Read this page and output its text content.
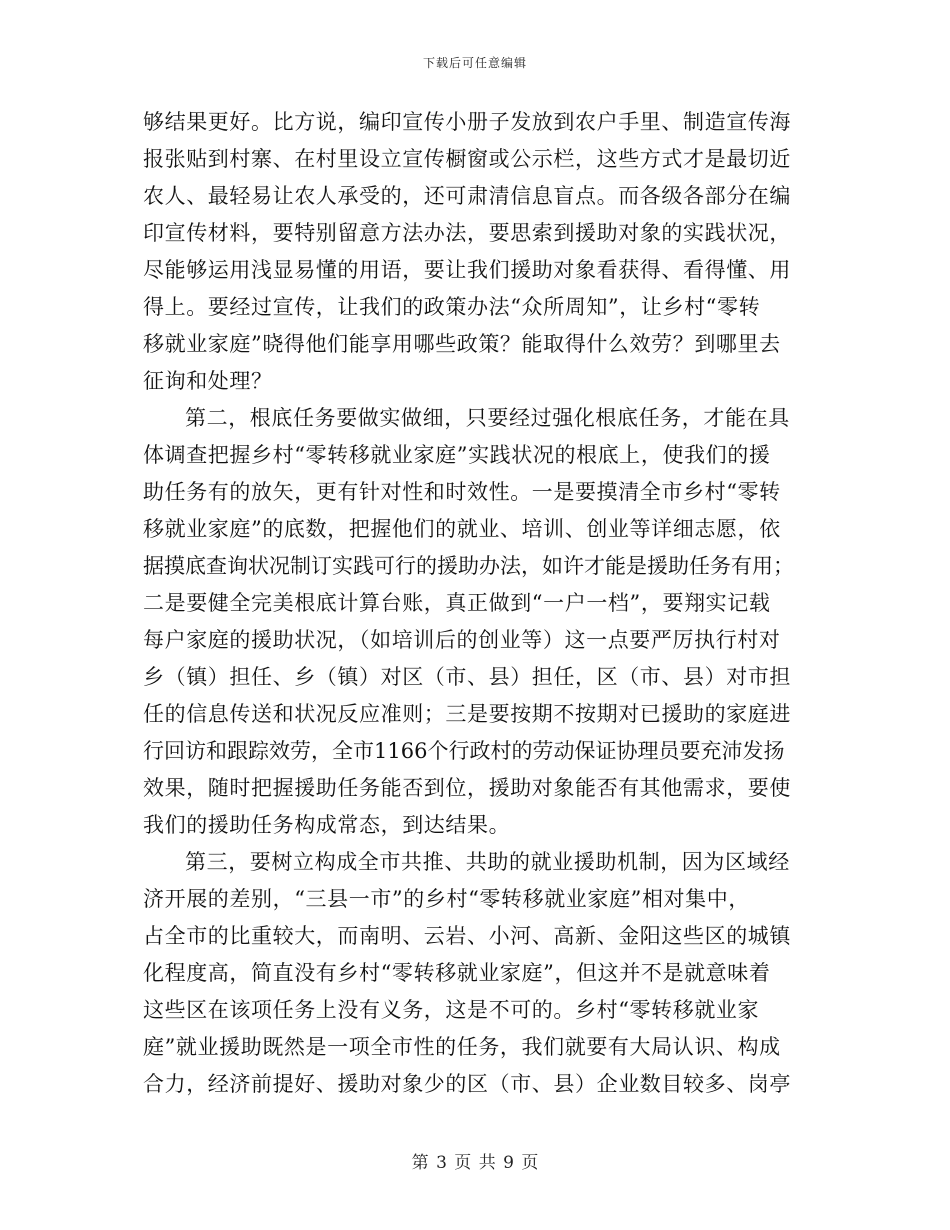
下载后可任意编辑
够结果更好。比方说，编印宣传小册子发放到农户手里、制造宣传海
报张贴到村寨、在村里设立宣传橱窗或公示栏，这些方式才是最切近
农人、最轻易让农人承受的，还可肃清信息盲点。而各级各部分在编
印宣传材料，要特别留意方法办法，要思索到援助对象的实践状况，
尽能够运用浅显易懂的用语，要让我们援助对象看获得、看得懂、用
得上。要经过宣传，让我们的政策办法“众所周知”，让乡村“零转
移就业家庭”晓得他们能享用哪些政策？能取得什么效劳？到哪里去
征询和处理？
第二，根底任务要做实做细，只要经过强化根底任务，才能在具
体调查把握乡村“零转移就业家庭”实践状况的根底上，使我们的援
助任务有的放矢，更有针对性和时效性。一是要摸清全市乡村“零转
移就业家庭”的底数，把握他们的就业、培训、创业等详细志愿，依
据摸底查询状况制订实践可行的援助办法，如许才能是援助任务有用；
二是要健全完美根底计算台账，真正做到“一户一档”，要翔实记载
每户家庭的援助状况，（如培训后的创业等）这一点要严厉执行村对
乡（镇）担任、乡（镇）对区（市、县）担任，区（市、县）对市担
任的信息传送和状况反应准则；三是要按期不按期对已援助的家庭进
行回访和跟踪效劳，全市1166个行政村的劳动保证协理员要充沛发扬
效果，随时把握援助任务能否到位，援助对象能否有其他需求，要使
我们的援助任务构成常态，到达结果。
第三，要树立构成全市共推、共助的就业援助机制，因为区域经
济开展的差别，“三县一市”的乡村“零转移就业家庭”相对集中，
占全市的比重较大，而南明、云岩、小河、高新、金阳这些区的城镇
化程度高，简直没有乡村“零转移就业家庭”，但这并不是就意味着
这些区在该项任务上没有义务，这是不可的。乡村“零转移就业家
庭”就业援助既然是一项全市性的任务，我们就要有大局认识、构成
合力，经济前提好、援助对象少的区（市、县）企业数目较多、岗亭
第 3 页 共 9 页
